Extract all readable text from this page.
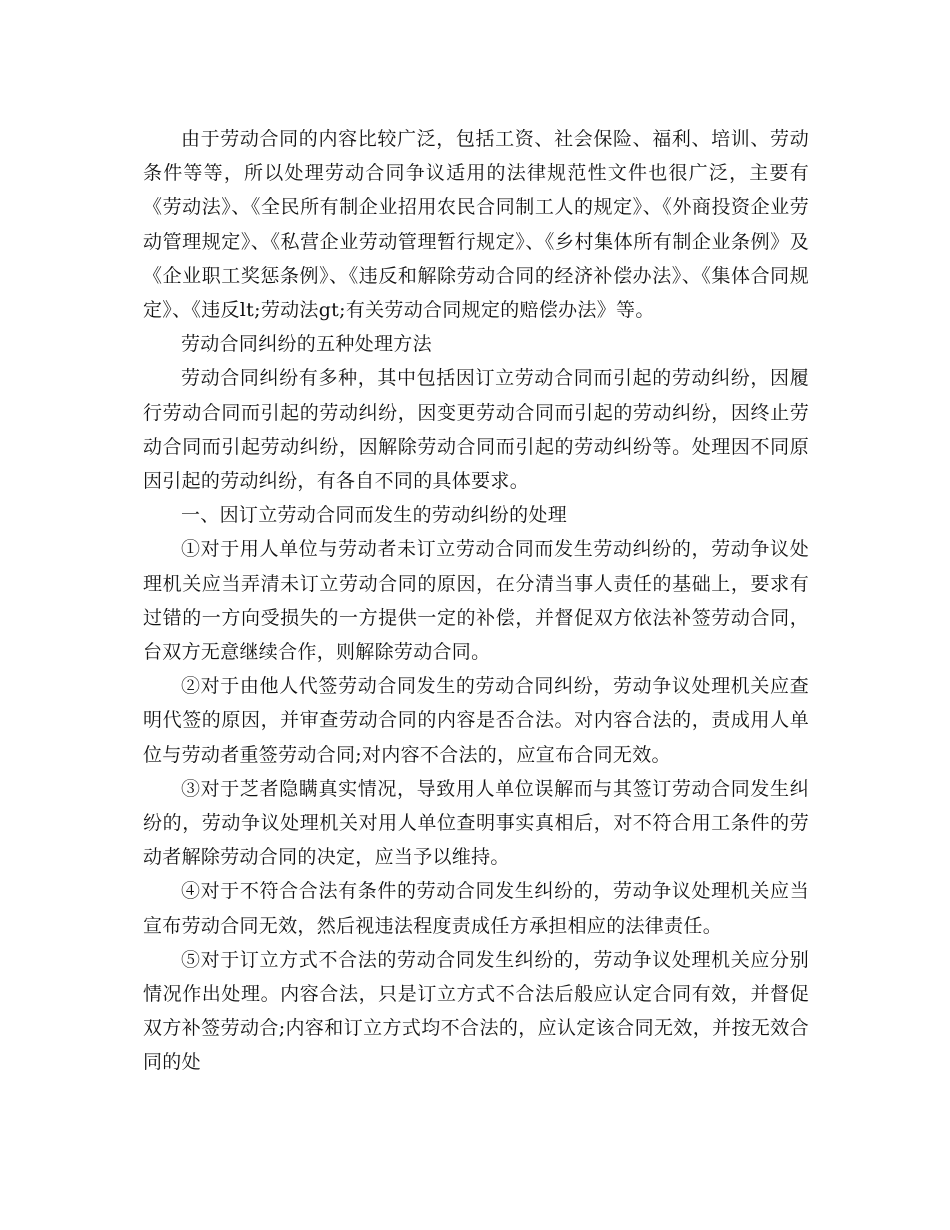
由于劳动合同的内容比较广泛，包括工资、社会保险、福利、培训、劳动条件等等，所以处理劳动合同争议适用的法律规范性文件也很广泛，主要有《劳动法》、《全民所有制企业招用农民合同制工人的规定》、《外商投资企业劳动管理规定》、《私营企业劳动管理暂行规定》、《乡村集体所有制企业条例》及《企业职工奖惩条例》、《违反和解除劳动合同的经济补偿办法》、《集体合同规定》、《违反lt;劳动法gt;有关劳动合同规定的赔偿办法》等。

劳动合同纠纷的五种处理方法

劳动合同纠纷有多种，其中包括因订立劳动合同而引起的劳动纠纷，因履行劳动合同而引起的劳动纠纷，因变更劳动合同而引起的劳动纠纷，因终止劳动合同而引起劳动纠纷，因解除劳动合同而引起的劳动纠纷等。处理因不同原因引起的劳动纠纷，有各自不同的具体要求。

一、因订立劳动合同而发生的劳动纠纷的处理

①对于用人单位与劳动者未订立劳动合同而发生劳动纠纷的，劳动争议处理机关应当弄清未订立劳动合同的原因，在分清当事人责任的基础上，要求有过错的一方向受损失的一方提供一定的补偿，并督促双方依法补签劳动合同，台双方无意继续合作，则解除劳动合同。

②对于由他人代签劳动合同发生的劳动合同纠纷，劳动争议处理机关应查明代签的原因，并审查劳动合同的内容是否合法。对内容合法的，责成用人单位与劳动者重签劳动合同;对内容不合法的，应宣布合同无效。

③对于芝者隐瞒真实情况，导致用人单位误解而与其签订劳动合同发生纠纷的，劳动争议处理机关对用人单位查明事实真相后，对不符合用工条件的劳动者解除劳动合同的决定，应当予以维持。

④对于不符合合法有条件的劳动合同发生纠纷的，劳动争议处理机关应当宣布劳动合同无效，然后视违法程度责成任方承担相应的法律责任。

⑤对于订立方式不合法的劳动合同发生纠纷的，劳动争议处理机关应分别情况作出处理。内容合法，只是订立方式不合法后般应认定合同有效，并督促双方补签劳动合;内容和订立方式均不合法的，应认定该合同无效，并按无效合同的处
